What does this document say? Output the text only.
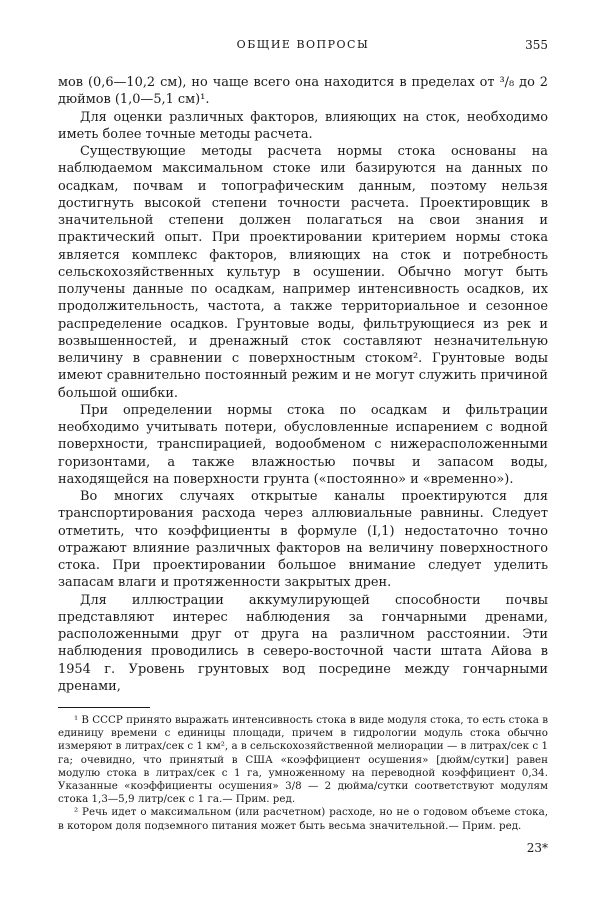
ОБЩИЕ ВОПРОСЫ	355

мов (0,6—10,2 см), но чаще всего она находится в пределах от ³/₈ до 2 дюймов (1,0—5,1 см)¹.

Для оценки различных факторов, влияющих на сток, необходимо иметь более точные методы расчета.

Существующие методы расчета нормы стока основаны на наблюдаемом максимальном стоке или базируются на данных по осадкам, почвам и топографическим данным, поэтому нельзя достигнуть высокой степени точности расчета. Проектировщик в значительной степени должен полагаться на свои знания и практический опыт. При проектировании критерием нормы стока является комплекс факторов, влияющих на сток и потребность сельскохозяйственных культур в осушении. Обычно могут быть получены данные по осадкам, например интенсивность осадков, их продолжительность, частота, а также территориальное и сезонное распределение осадков. Грунтовые воды, фильтрующиеся из рек и возвышенностей, и дренажный сток составляют незначительную величину в сравнении с поверхностным стоком². Грунтовые воды имеют сравнительно постоянный режим и не могут служить причиной большой ошибки.

При определении нормы стока по осадкам и фильтрации необходимо учитывать потери, обусловленные испарением с водной поверхности, транспирацией, водообменом с нижерасположенными горизонтами, а также влажностью почвы и запасом воды, находящейся на поверхности грунта («постоянно» и «временно»).

Во многих случаях открытые каналы проектируются для транспортирования расхода через аллювиальные равнины. Следует отметить, что коэффициенты в формуле (I,1) недостаточно точно отражают влияние различных факторов на величину поверхностного стока. При проектировании большое внимание следует уделить запасам влаги и протяженности закрытых дрен.

Для иллюстрации аккумулирующей способности почвы представляют интерес наблюдения за гончарными дренами, расположенными друг от друга на различном расстоянии. Эти наблюдения проводились в северо-восточной части штата Айова в 1954 г. Уровень грунтовых вод посредине между гончарными дренами,

¹ В СССР принято выражать интенсивность стока в виде модуля стока, то есть стока в единицу времени с единицы площади, причем в гидрологии модуль стока обычно измеряют в литрах/сек с 1 км², а в сельскохозяйственной мелиорации — в литрах/сек с 1 га; очевидно, что принятый в США «коэффициент осушения» [дюйм/сутки] равен модулю стока в литрах/сек с 1 га, умноженному на переводной коэффициент 0,34. Указанные «коэффициенты осушения» 3/8 — 2 дюйма/сутки соответствуют модулям стока 1,3—5,9 литр/сек с 1 га.— Прим. ред.

² Речь идет о максимальном (или расчетном) расходе, но не о годовом объеме стока, в котором доля подземного питания может быть весьма значительной.— Прим. ред.

23*
